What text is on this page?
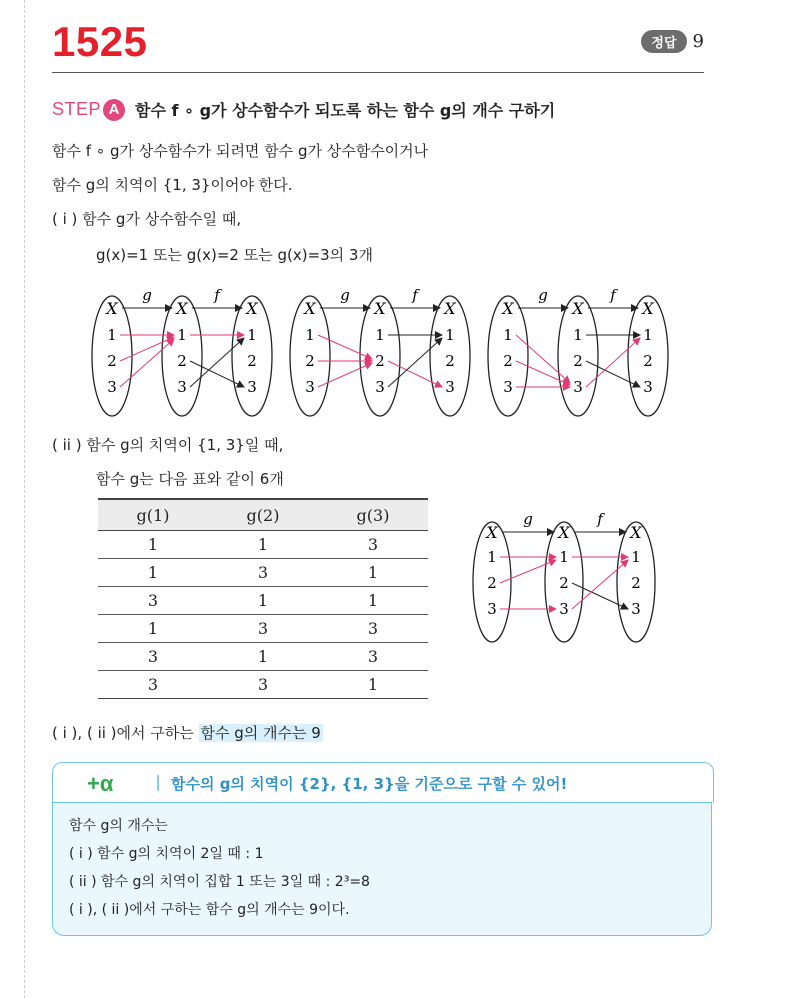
1525	정답 9
STEP A 함수 f ∘ g가 상수함수가 되도록 하는 함수 g의 개수 구하기
함수 f ∘ g가 상수함수가 되려면 함수 g가 상수함수이거나
함수 g의 치역이 {1, 3}이어야 한다.
( i ) 함수 g가 상수함수일 때,
g(x)=1 또는 g(x)=2 또는 g(x)=3의 3개
X	X	X
g	f
1
2
3
1
2
3
1
2
3
X	X	X
g	f
1
2
3
1
2
3
1
2
3
X	X	X
g	f
1
2
3
1
2
3
1
2
3
( ii ) 함수 g의 치역이 {1, 3}일 때,
함수 g는 다음 표와 같이 6개
g(1)	g(2)	g(3)
1	1	3
1	3	1
3	1	1
1	3	3
3	1	3
3	3	1
X	X	X
g	f
1
2
3
1
2
3
1
2
3
( i ), ( ii )에서 구하는 함수 g의 개수는 9
+α	함수의 g의 치역이 {2}, {1, 3}을 기준으로 구할 수 있어!
함수 g의 개수는
( i ) 함수 g의 치역이 2일 때 : 1
( ii ) 함수 g의 치역이 집합 1 또는 3일 때 : 2³=8
( i ), ( ii )에서 구하는 함수 g의 개수는 9이다.
